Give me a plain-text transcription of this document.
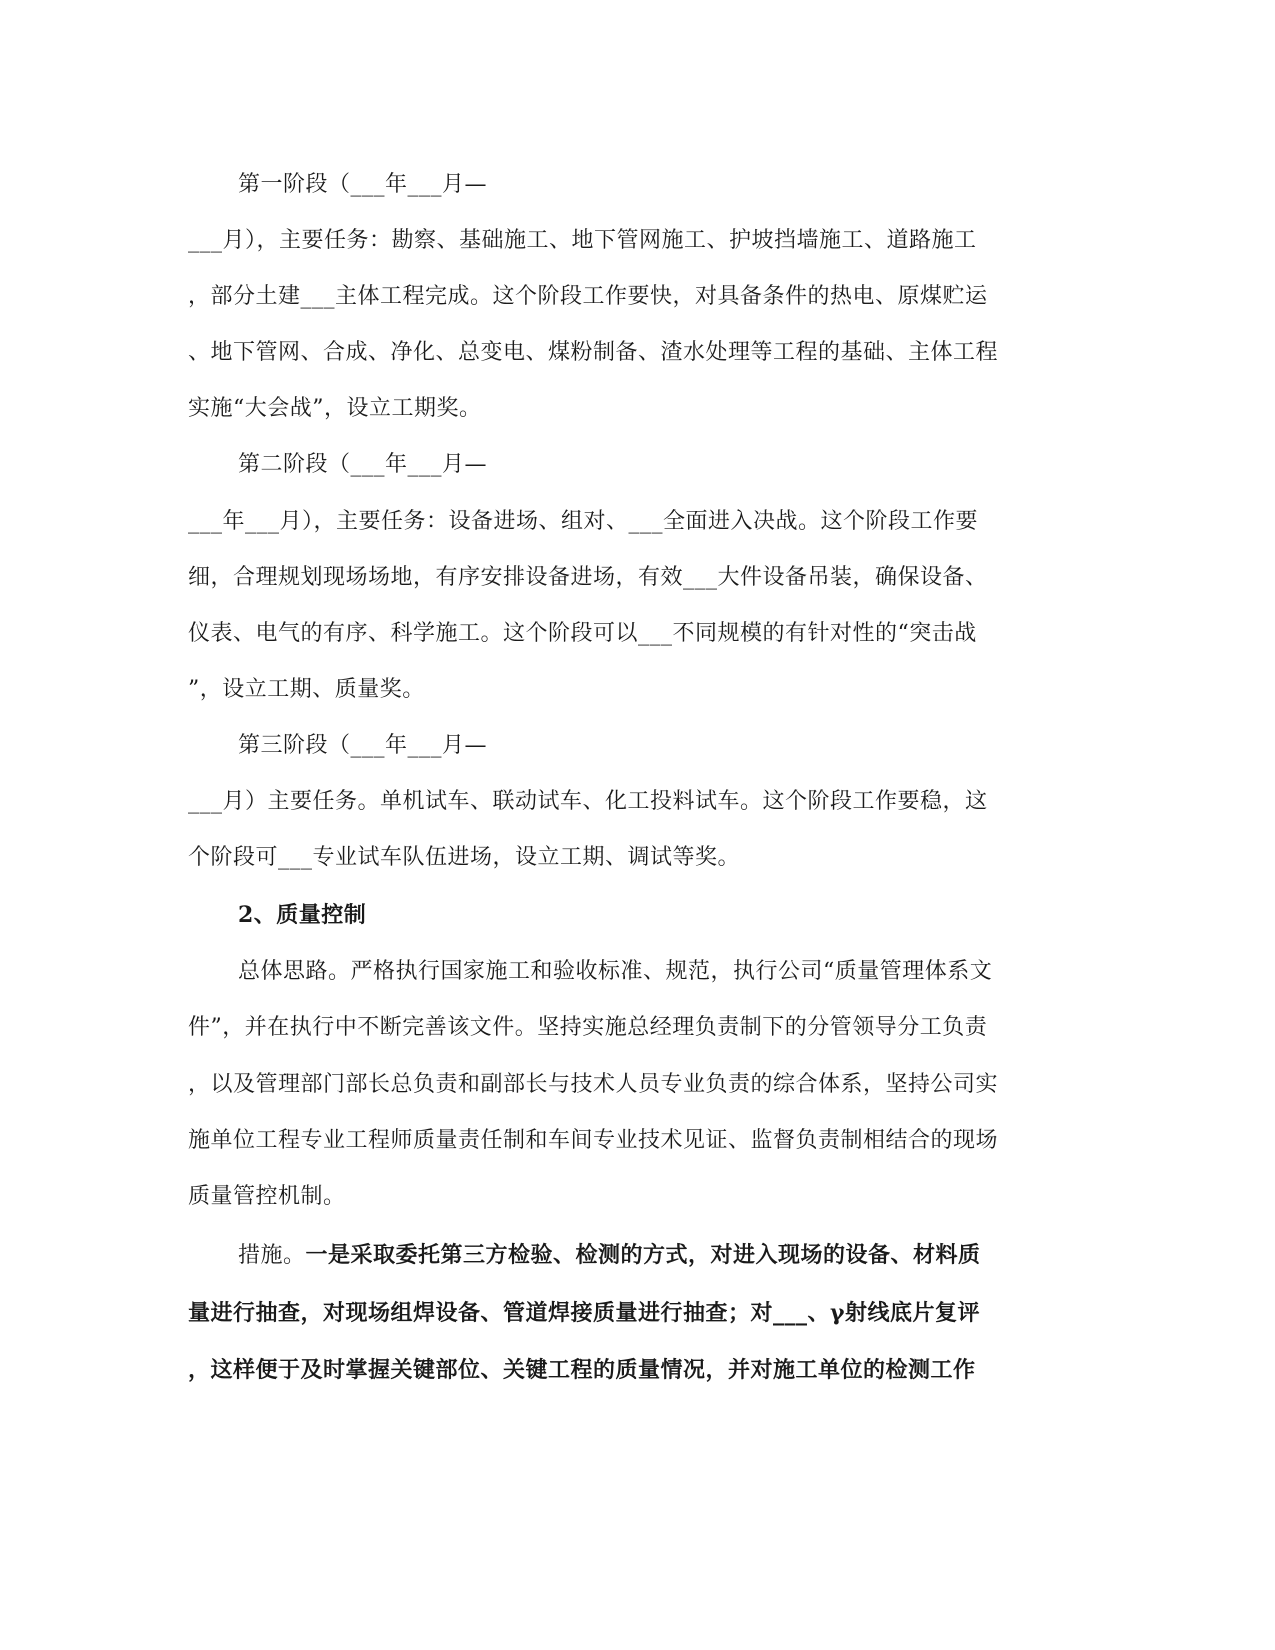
第一阶段（___年___月—
___月），主要任务：勘察、基础施工、地下管网施工、护坡挡墙施工、道路施工
，部分土建___主体工程完成。这个阶段工作要快，对具备条件的热电、原煤贮运
、地下管网、合成、净化、总变电、煤粉制备、渣水处理等工程的基础、主体工程
实施“大会战”，设立工期奖。
第二阶段（___年___月—
___年___月），主要任务：设备进场、组对、___全面进入决战。这个阶段工作要
细，合理规划现场场地，有序安排设备进场，有效___大件设备吊装，确保设备、
仪表、电气的有序、科学施工。这个阶段可以___不同规模的有针对性的“突击战
”，设立工期、质量奖。
第三阶段（___年___月—
___月）主要任务。单机试车、联动试车、化工投料试车。这个阶段工作要稳，这
个阶段可___专业试车队伍进场，设立工期、调试等奖。
2、质量控制
总体思路。严格执行国家施工和验收标准、规范，执行公司“质量管理体系文
件”，并在执行中不断完善该文件。坚持实施总经理负责制下的分管领导分工负责
，以及管理部门部长总负责和副部长与技术人员专业负责的综合体系，坚持公司实
施单位工程专业工程师质量责任制和车间专业技术见证、监督负责制相结合的现场
质量管控机制。
措施。一是采取委托第三方检验、检测的方式，对进入现场的设备、材料质
量进行抽查，对现场组焊设备、管道焊接质量进行抽查；对___、γ射线底片复评
，这样便于及时掌握关键部位、关键工程的质量情况，并对施工单位的检测工作
